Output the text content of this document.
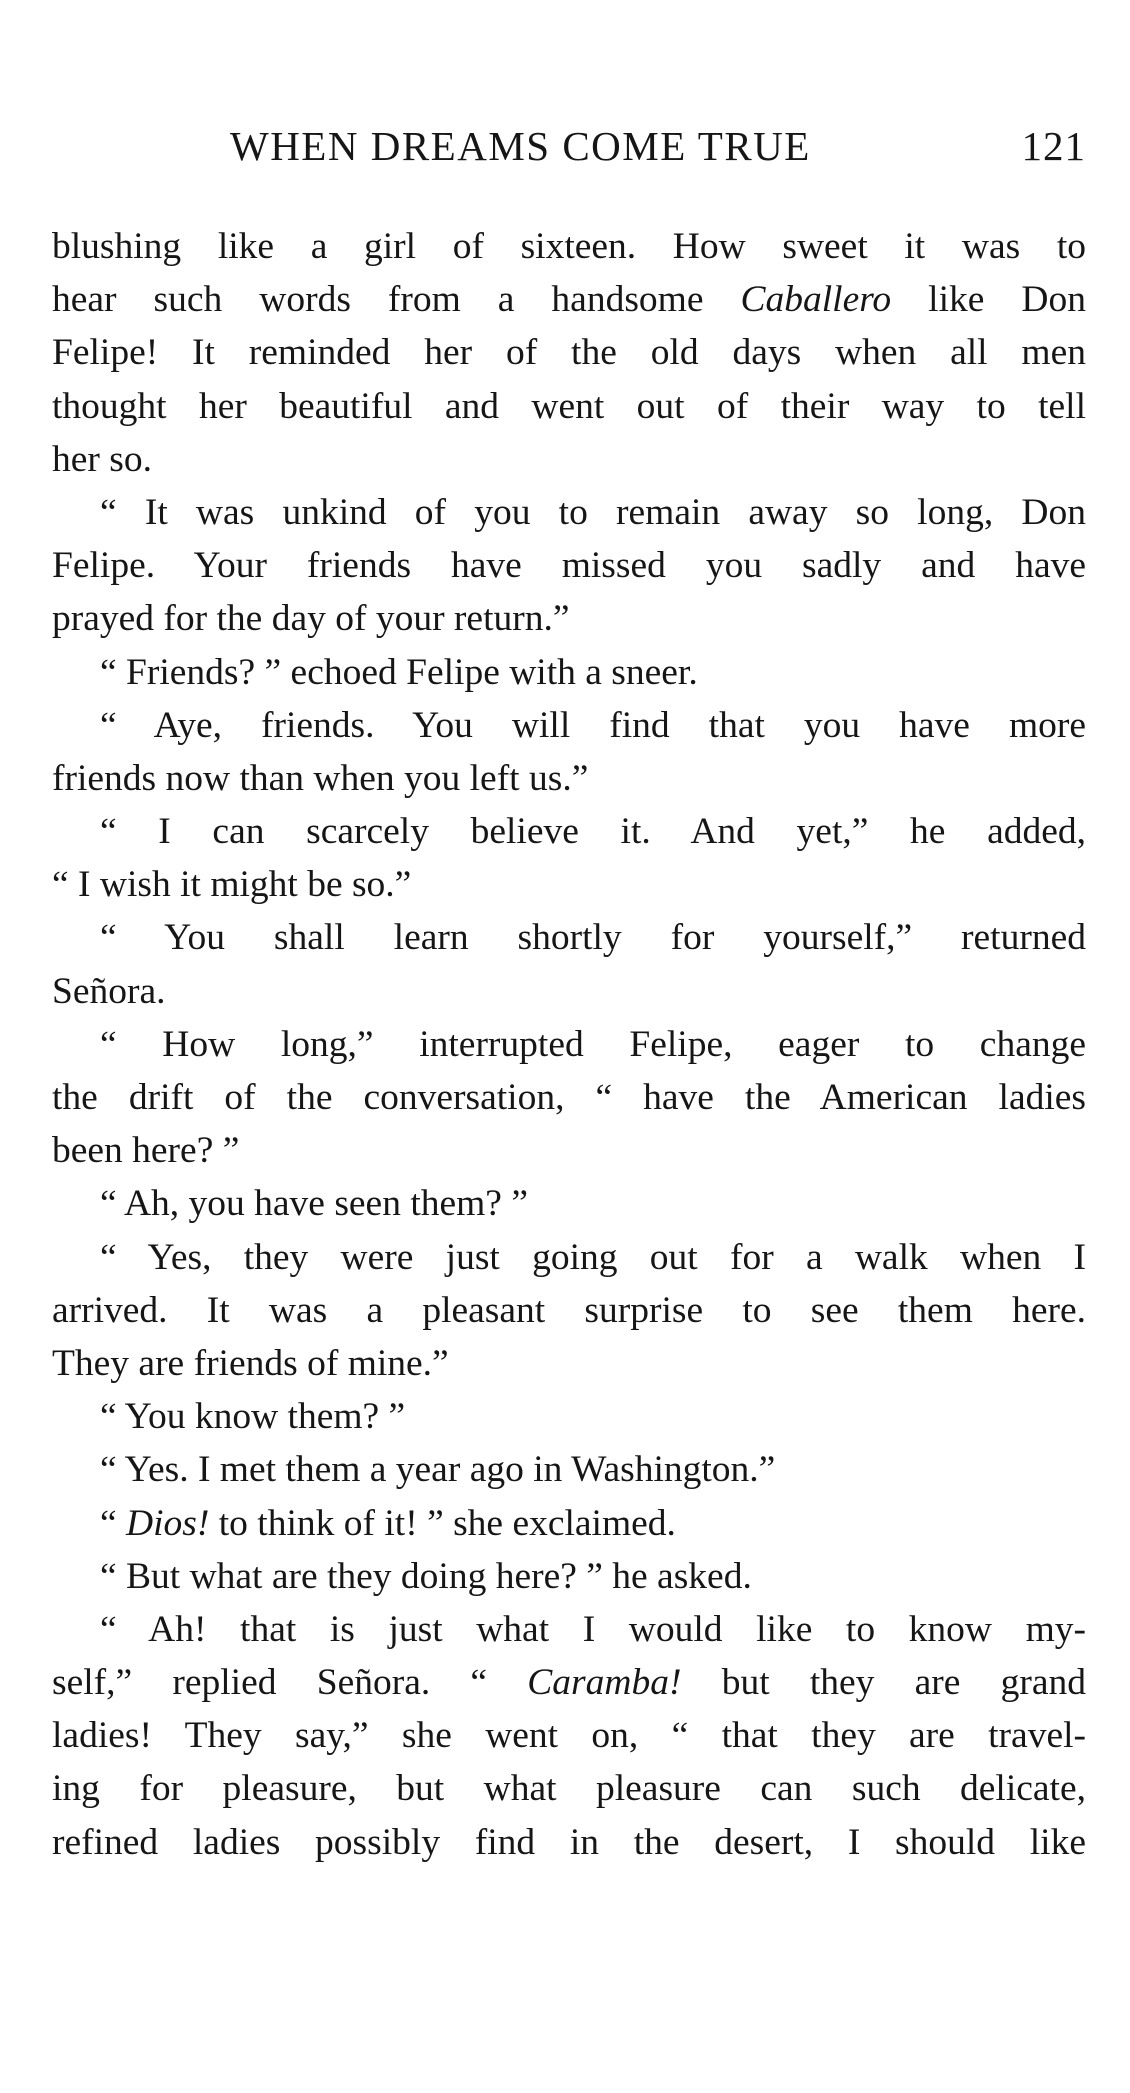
WHEN DREAMS COME TRUE	121
blushing like a girl of sixteen. How sweet it was to
hear such words from a handsome Caballero like Don
Felipe! It reminded her of the old days when all men
thought her beautiful and went out of their way to tell
her so.
“ It was unkind of you to remain away so long, Don
Felipe. Your friends have missed you sadly and have
prayed for the day of your return.”
“ Friends? ” echoed Felipe with a sneer.
“ Aye, friends. You will find that you have more
friends now than when you left us.”
“ I can scarcely believe it. And yet,” he added,
“ I wish it might be so.”
“ You shall learn shortly for yourself,” returned
Señora.
“ How long,” interrupted Felipe, eager to change
the drift of the conversation, “ have the American ladies
been here? ”
“ Ah, you have seen them? ”
“ Yes, they were just going out for a walk when I
arrived. It was a pleasant surprise to see them here.
They are friends of mine.”
“ You know them? ”
“ Yes. I met them a year ago in Washington.”
“ Dios! to think of it! ” she exclaimed.
“ But what are they doing here? ” he asked.
“ Ah! that is just what I would like to know my-
self,” replied Señora. “ Caramba! but they are grand
ladies! They say,” she went on, “ that they are travel-
ing for pleasure, but what pleasure can such delicate,
refined ladies possibly find in the desert, I should like
